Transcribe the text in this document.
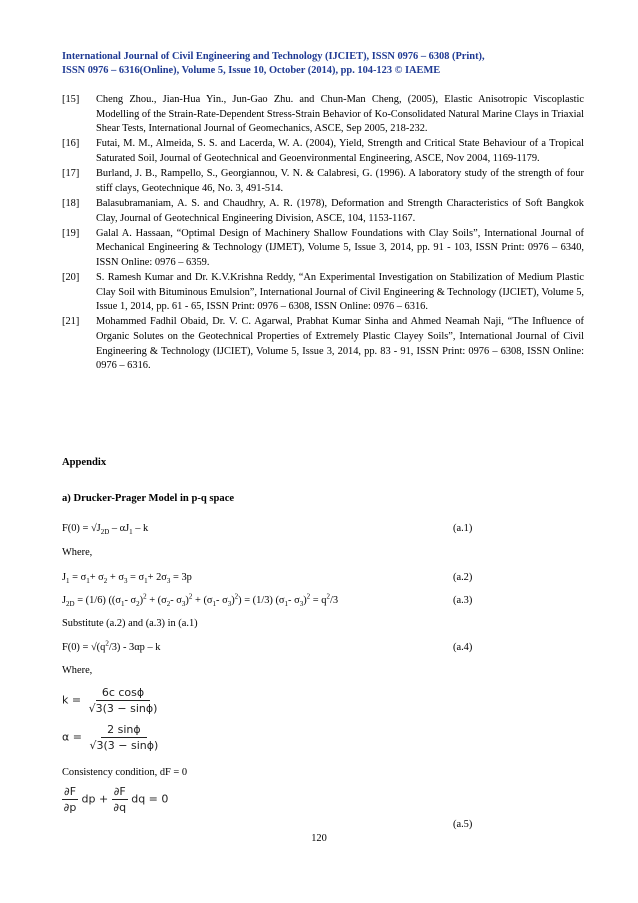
International Journal of Civil Engineering and Technology (IJCIET), ISSN 0976 – 6308 (Print),
ISSN 0976 – 6316(Online), Volume 5, Issue 10, October (2014), pp. 104-123 © IAEME
[15]	Cheng Zhou., Jian-Hua Yin., Jun-Gao Zhu. and Chun-Man Cheng, (2005), Elastic Anisotropic Viscoplastic Modelling of the Strain-Rate-Dependent Stress-Strain Behavior of Ko-Consolidated Natural Marine Clays in Triaxial Shear Tests, International Journal of Geomechanics, ASCE, Sep 2005, 218-232.
[16]	Futai, M. M., Almeida, S. S. and Lacerda, W. A. (2004), Yield, Strength and Critical State Behaviour of a Tropical Saturated Soil, Journal of Geotechnical and Geoenvironmental Engineering, ASCE, Nov 2004, 1169-1179.
[17]	Burland, J. B., Rampello, S., Georgiannou, V. N. & Calabresi, G. (1996). A laboratory study of the strength of four stiff clays, Geotechnique 46, No. 3, 491-514.
[18]	Balasubramaniam, A. S. and Chaudhry, A. R. (1978), Deformation and Strength Characteristics of Soft Bangkok Clay, Journal of Geotechnical Engineering Division, ASCE, 104, 1153-1167.
[19]	Galal A. Hassaan, “Optimal Design of Machinery Shallow Foundations with Clay Soils”, International Journal of Mechanical Engineering & Technology (IJMET), Volume 5, Issue 3, 2014, pp. 91 - 103, ISSN Print: 0976 – 6340, ISSN Online: 0976 – 6359.
[20]	S. Ramesh Kumar and Dr. K.V.Krishna Reddy, “An Experimental Investigation on Stabilization of Medium Plastic Clay Soil with Bituminous Emulsion”, International Journal of Civil Engineering & Technology (IJCIET), Volume 5, Issue 1, 2014, pp. 61 - 65, ISSN Print: 0976 – 6308, ISSN Online: 0976 – 6316.
[21]	Mohammed Fadhil Obaid, Dr. V. C. Agarwal, Prabhat Kumar Sinha and Ahmed Neamah Naji, “The Influence of Organic Solutes on the Geotechnical Properties of Extremely Plastic Clayey Soils”, International Journal of Civil Engineering & Technology (IJCIET), Volume 5, Issue 3, 2014, pp. 83 - 91, ISSN Print: 0976 – 6308, ISSN Online: 0976 – 6316.
Appendix
a) Drucker-Prager Model in p-q space
$F(0) = √J_{2D} - \alpha J_1 - k$	(a.1)
Where,
$J_1 = \sigma_1+ \sigma_2 + \sigma_3 = \sigma_1+ 2\sigma_3 = 3p$	(a.2)
$J_{2D} = (1/6)$ (($\sigma_1-$ $\sigma_2)^2 + (\sigma_2-$ $\sigma_3)^2 + (\sigma_1-$ $\sigma_3)^2) = (1/3)$ ($\sigma_1-$ $\sigma_3)^2 = q^2/3$	(a.3)
Substitute (a.2) and (a.3) in (a.1)
$F(0) = √(q^2/3) - 3\alpha p - k$	(a.4)
Where,
$k = \frac{\text{6c cosϕ}}{√3(3 - \sin\phi)}$
$\alpha = \frac{2 \sin\phi}{√3(3 - \sin\phi)}$
Consistency condition, dF = 0
$\frac{\partial F}{\partial p}$ dp + $\frac{\partial F}{\partial q}$ dq = 0
(a.5)
120
